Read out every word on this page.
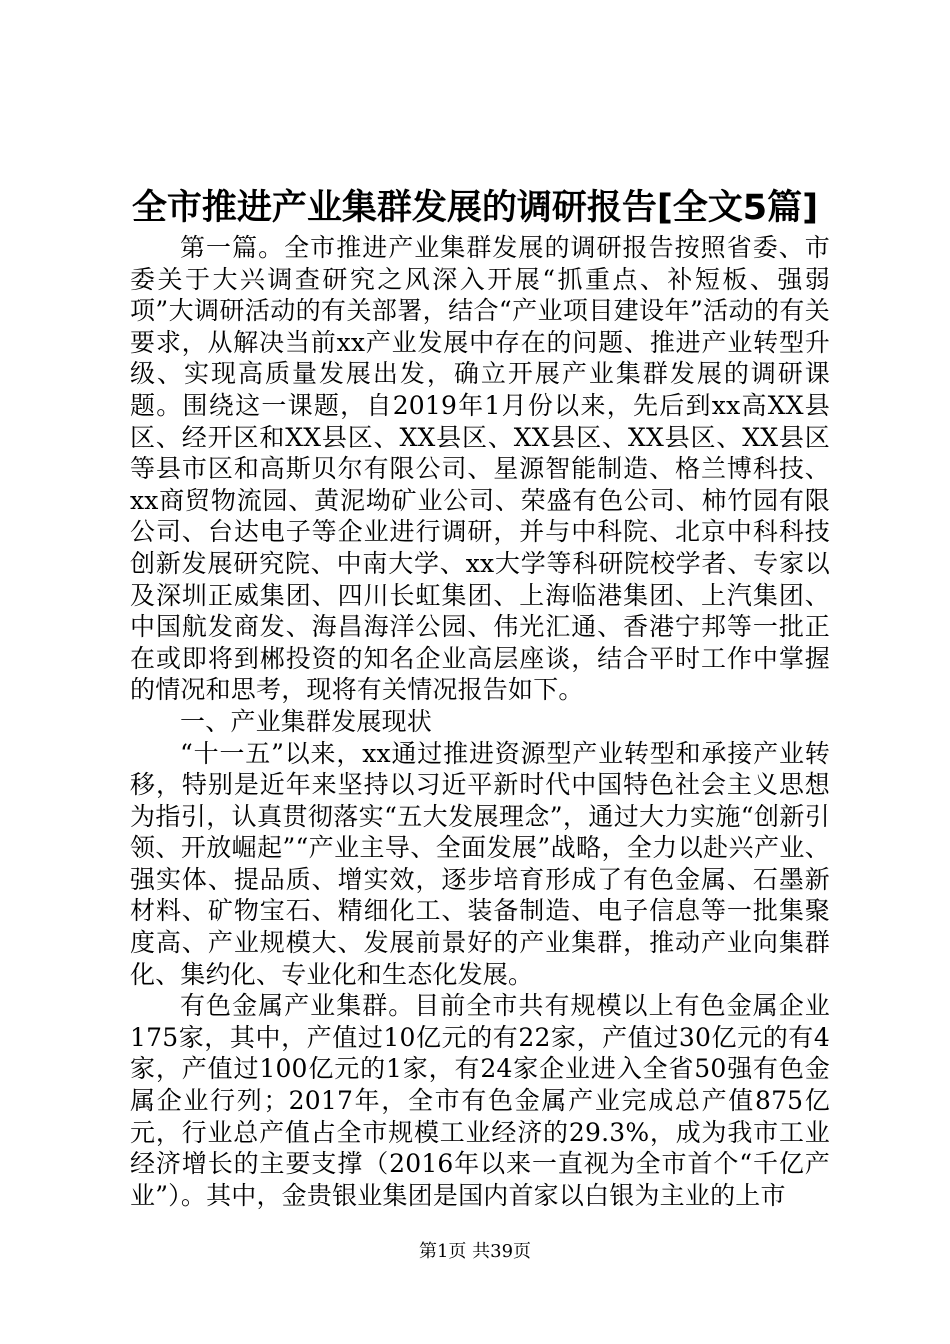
全市推进产业集群发展的调研报告[全文5篇]

第一篇。全市推进产业集群发展的调研报告按照省委、市委关于大兴调查研究之风深入开展“抓重点、补短板、强弱项”大调研活动的有关部署，结合“产业项目建设年”活动的有关要求，从解决当前xx产业发展中存在的问题、推进产业转型升级、实现高质量发展出发，确立开展产业集群发展的调研课题。围绕这一课题，自2019年1月份以来，先后到xx高XX县区、经开区和XX县区、XX县区、XX县区、XX县区、XX县区等县市区和高斯贝尔有限公司、星源智能制造、格兰博科技、xx商贸物流园、黄泥坳矿业公司、荣盛有色公司、柿竹园有限公司、台达电子等企业进行调研，并与中科院、北京中科科技创新发展研究院、中南大学、xx大学等科研院校学者、专家以及深圳正威集团、四川长虹集团、上海临港集团、上汽集团、中国航发商发、海昌海洋公园、伟光汇通、香港宁邦等一批正在或即将到郴投资的知名企业高层座谈，结合平时工作中掌握的情况和思考，现将有关情况报告如下。

一、产业集群发展现状

“十一五”以来，xx通过推进资源型产业转型和承接产业转移，特别是近年来坚持以习近平新时代中国特色社会主义思想为指引，认真贯彻落实“五大发展理念”，通过大力实施“创新引领、开放崛起”“产业主导、全面发展”战略，全力以赴兴产业、强实体、提品质、增实效，逐步培育形成了有色金属、石墨新材料、矿物宝石、精细化工、装备制造、电子信息等一批集聚度高、产业规模大、发展前景好的产业集群，推动产业向集群化、集约化、专业化和生态化发展。

有色金属产业集群。目前全市共有规模以上有色金属企业175家，其中，产值过10亿元的有22家，产值过30亿元的有4家，产值过100亿元的1家，有24家企业进入全省50强有色金属企业行列；2017年，全市有色金属产业完成总产值875亿元，行业总产值占全市规模工业经济的29.3%，成为我市工业经济增长的主要支撑（2016年以来一直视为全市首个“千亿产业”）。其中，金贵银业集团是国内首家以白银为主业的上市

第1页 共39页
